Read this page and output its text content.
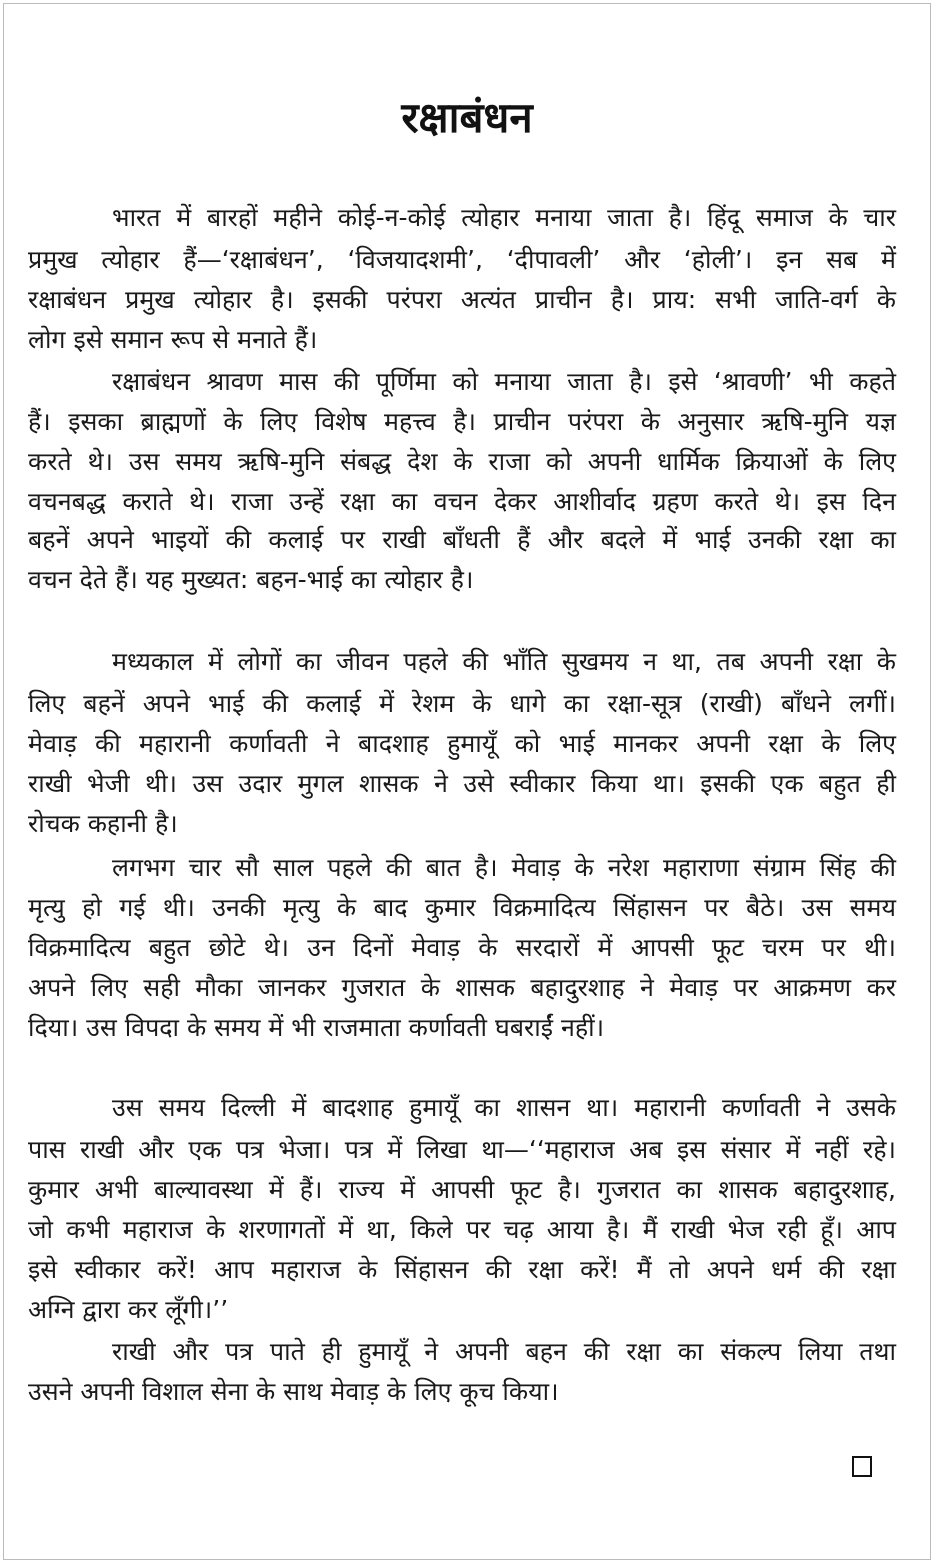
रक्षाबंधन
भारत में बारहों महीने कोई-न-कोई त्योहार मनाया जाता है। हिंदू समाज के चार
प्रमुख त्योहार हैं—‘रक्षाबंधन’, ‘विजयादशमी’, ‘दीपावली’ और ‘होली’। इन सब में
रक्षाबंधन प्रमुख त्योहार है। इसकी परंपरा अत्यंत प्राचीन है। प्राय: सभी जाति-वर्ग के
लोग इसे समान रूप से मनाते हैं।
रक्षाबंधन श्रावण मास की पूर्णिमा को मनाया जाता है। इसे ‘श्रावणी’ भी कहते
हैं। इसका ब्राह्मणों के लिए विशेष महत्त्व है। प्राचीन परंपरा के अनुसार ऋषि-मुनि यज्ञ
करते थे। उस समय ऋषि-मुनि संबद्ध देश के राजा को अपनी धार्मिक क्रियाओं के लिए
वचनबद्ध कराते थे। राजा उन्हें रक्षा का वचन देकर आशीर्वाद ग्रहण करते थे। इस दिन
बहनें अपने भाइयों की कलाई पर राखी बाँधती हैं और बदले में भाई उनकी रक्षा का
वचन देते हैं। यह मुख्यत: बहन-भाई का त्योहार है।
मध्यकाल में लोगों का जीवन पहले की भाँति सुखमय न था, तब अपनी रक्षा के
लिए बहनें अपने भाई की कलाई में रेशम के धागे का रक्षा-सूत्र (राखी) बाँधने लगीं।
मेवाड़ की महारानी कर्णावती ने बादशाह हुमायूँ को भाई मानकर अपनी रक्षा के लिए
राखी भेजी थी। उस उदार मुगल शासक ने उसे स्वीकार किया था। इसकी एक बहुत ही
रोचक कहानी है।
लगभग चार सौ साल पहले की बात है। मेवाड़ के नरेश महाराणा संग्राम सिंह की
मृत्यु हो गई थी। उनकी मृत्यु के बाद कुमार विक्रमादित्य सिंहासन पर बैठे। उस समय
विक्रमादित्य बहुत छोटे थे। उन दिनों मेवाड़ के सरदारों में आपसी फूट चरम पर थी।
अपने लिए सही मौका जानकर गुजरात के शासक बहादुरशाह ने मेवाड़ पर आक्रमण कर
दिया। उस विपदा के समय में भी राजमाता कर्णावती घबराईं नहीं।
उस समय दिल्ली में बादशाह हुमायूँ का शासन था। महारानी कर्णावती ने उसके
पास राखी और एक पत्र भेजा। पत्र में लिखा था—‘‘महाराज अब इस संसार में नहीं रहे।
कुमार अभी बाल्यावस्था में हैं। राज्य में आपसी फूट है। गुजरात का शासक बहादुरशाह,
जो कभी महाराज के शरणागतों में था, किले पर चढ़ आया है। मैं राखी भेज रही हूँ। आप
इसे स्वीकार करें! आप महाराज के सिंहासन की रक्षा करें! मैं तो अपने धर्म की रक्षा
अग्नि द्वारा कर लूँगी।’’
राखी और पत्र पाते ही हुमायूँ ने अपनी बहन की रक्षा का संकल्प लिया तथा
उसने अपनी विशाल सेना के साथ मेवाड़ के लिए कूच किया।
